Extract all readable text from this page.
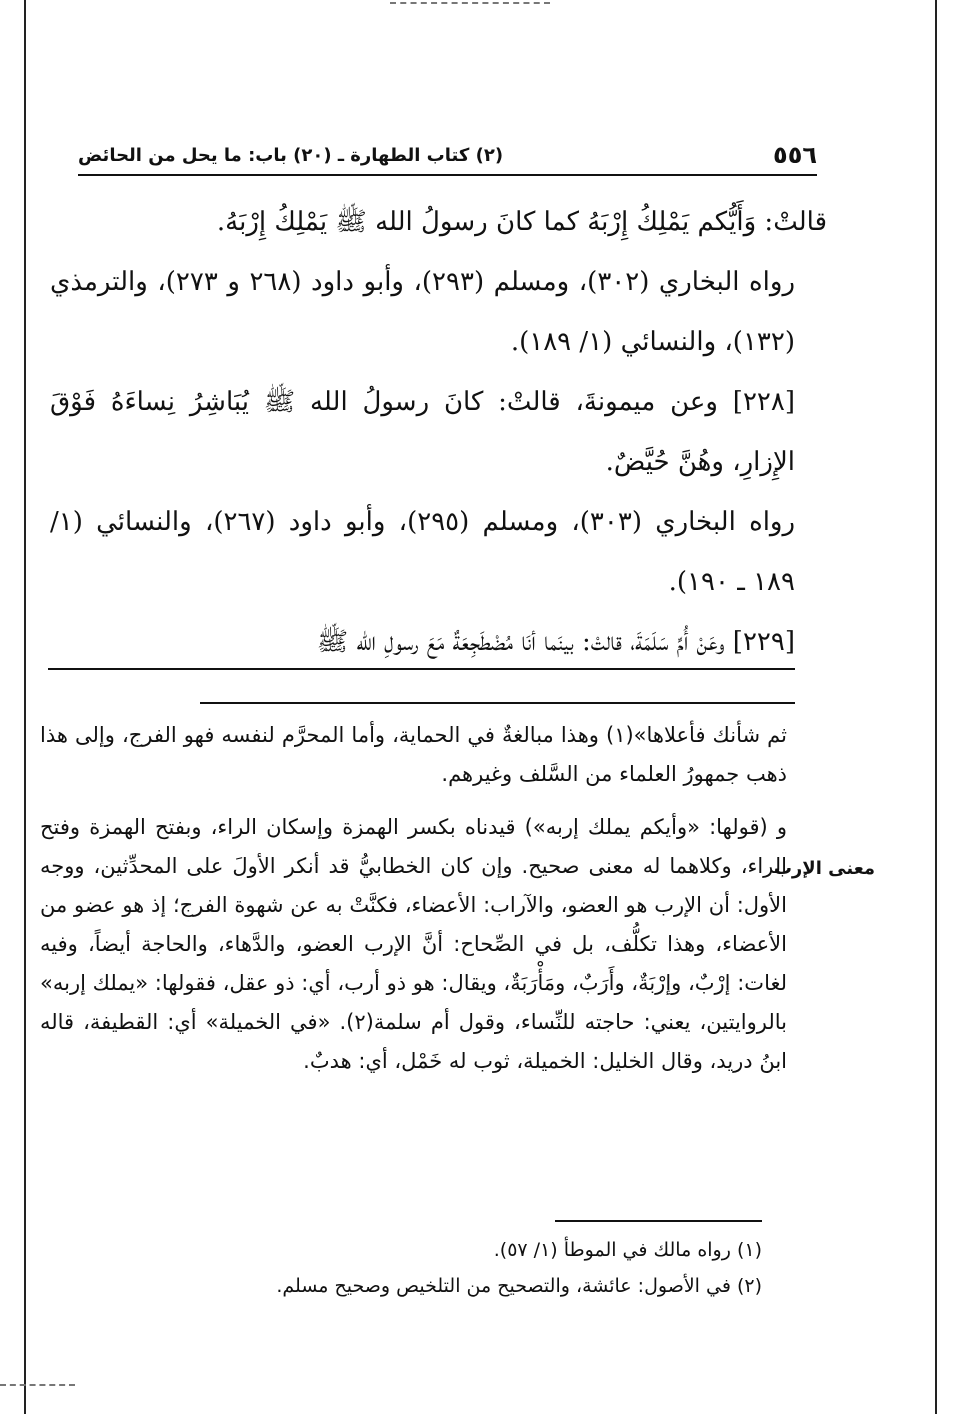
٥٥٦
(٢) كتاب الطهارة ـ (٢٠) باب: ما يحل من الحائض

قالتْ: وَأَيُّكم يَمْلِكُ إِرْبَهُ كما كانَ رسولُ الله ﷺ يَمْلِكُ إِرْبَهُ.

رواه البخاري (٣٠٢)، ومسلم (٢٩٣)، وأبو داود (٢٦٨ و ٢٧٣)، والترمذي (١٣٢)، والنسائي (١/ ١٨٩).

[٢٢٨] وعن ميمونةَ، قالتْ: كانَ رسولُ الله ﷺ يُبَاشِرُ نِساءَهُ فَوْقَ الإِزارِ، وهُنَّ حُيَّضٌ.

رواه البخاري (٣٠٣)، ومسلم (٢٩٥)، وأبو داود (٢٦٧)، والنسائي (١/ ١٨٩ ـ ١٩٠).

[٢٢٩] وعَنْ أُمِّ سَلَمَةَ، قالتْ: بينَما أنَا مُضْطَجِعَةٌ مَعَ رسولِ الله ﷺ

ثم شأنك فأعلاها»(١) وهذا مبالغةٌ في الحماية، وأما المحرَّم لنفسه فهو الفرج، وإلى هذا ذهب جمهورُ العلماء من السَّلف وغيرهم.

و (قولها: «وأيكم يملك إربه») قيدناه بكسر الهمزة وإسكان الراء، وبفتح الهمزة وفتح الراء، وكلاهما له معنى صحيح. وإن كان الخطابيُّ قد أنكر الأولَ على المحدِّثين، ووجه الأول: أن الإرب هو العضو، والآراب: الأعضاء، فكنَّتْ به عن شهوة الفرج؛ إذ هو عضو من الأعضاء، وهذا تكلُّف، بل في الصِّحاح: أنَّ الإرب العضو، والدَّهاء، والحاجة أيضاً، وفيه لغات: إرْبٌ، وإرْبَةٌ، وأَرَبٌ، ومَأْرَبَةٌ، ويقال: هو ذو أرب، أي: ذو عقل، فقولها: «يملك إربه» بالروايتين، يعني: حاجته للنِّساء، وقول أم سلمة(٢). «في الخميلة» أي: القطيفة، قاله ابنُ دريد، وقال الخليل: الخميلة، ثوب له خَمْل، أي: هدبٌ.

معنى الإرب

(١) رواه مالك في الموطأ (١/ ٥٧).

(٢) في الأصول: عائشة، والتصحيح من التلخيص وصحيح مسلم.
